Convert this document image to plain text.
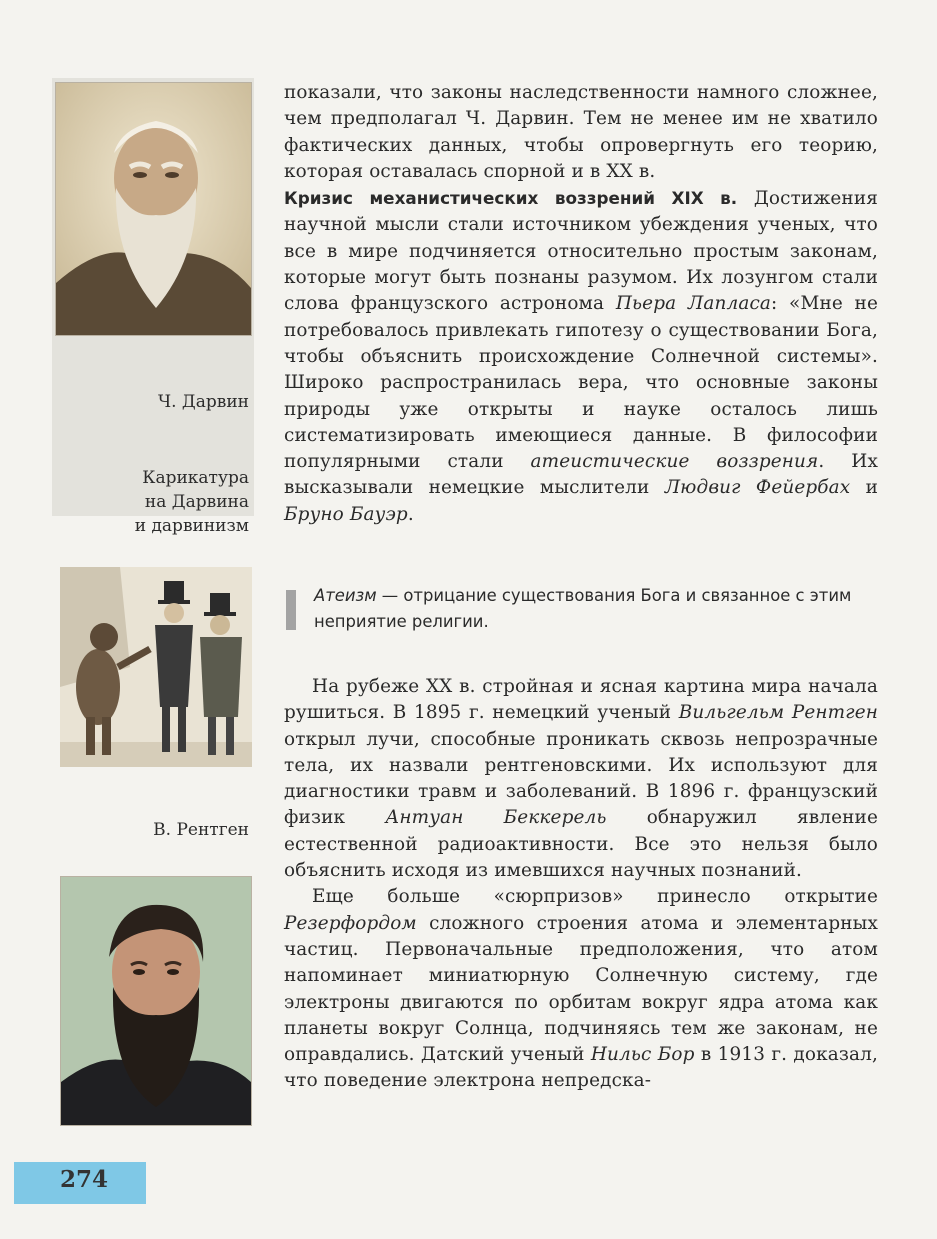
Ч. Дарвин
Карикатура
на Дарвина
и дарвинизм
В. Рентген

показали, что законы наследственности намного сложнее, чем предполагал Ч. Дарвин. Тем не менее им не хватило фактических данных, чтобы опровергнуть его теорию, которая оставалась спорной и в XX в.

Кризис механистических воззрений XIX в. Достижения научной мысли стали источником убеждения ученых, что все в мире подчиняется относительно простым законам, которые могут быть познаны разумом. Их лозунгом стали слова французского астронома Пьера Лапласа: «Мне не потребовалось привлекать гипотезу о существовании Бога, чтобы объяснить происхождение Солнечной системы». Широко распространилась вера, что основные законы природы уже открыты и науке осталось лишь систематизировать имеющиеся данные. В философии популярными стали атеистические воззрения. Их высказывали немецкие мыслители Людвиг Фейербах и Бруно Бауэр.

Атеизм — отрицание существования Бога и связанное с этим неприятие религии.

На рубеже XX в. стройная и ясная картина мира начала рушиться. В 1895 г. немецкий ученый Вильгельм Рентген открыл лучи, способные проникать сквозь непрозрачные тела, их назвали рентгеновскими. Их используют для диагностики травм и заболеваний. В 1896 г. французский физик Антуан Беккерель обнаружил явление естественной радиоактивности. Все это нельзя было объяснить исходя из имевшихся научных познаний.

Еще больше «сюрпризов» принесло открытие Резерфордом сложного строения атома и элементарных частиц. Первоначальные предположения, что атом напоминает миниатюрную Солнечную систему, где электроны двигаются по орбитам вокруг ядра атома как планеты вокруг Солнца, подчиняясь тем же законам, не оправдались. Датский ученый Нильс Бор в 1913 г. доказал, что поведение электрона непредска-

274
